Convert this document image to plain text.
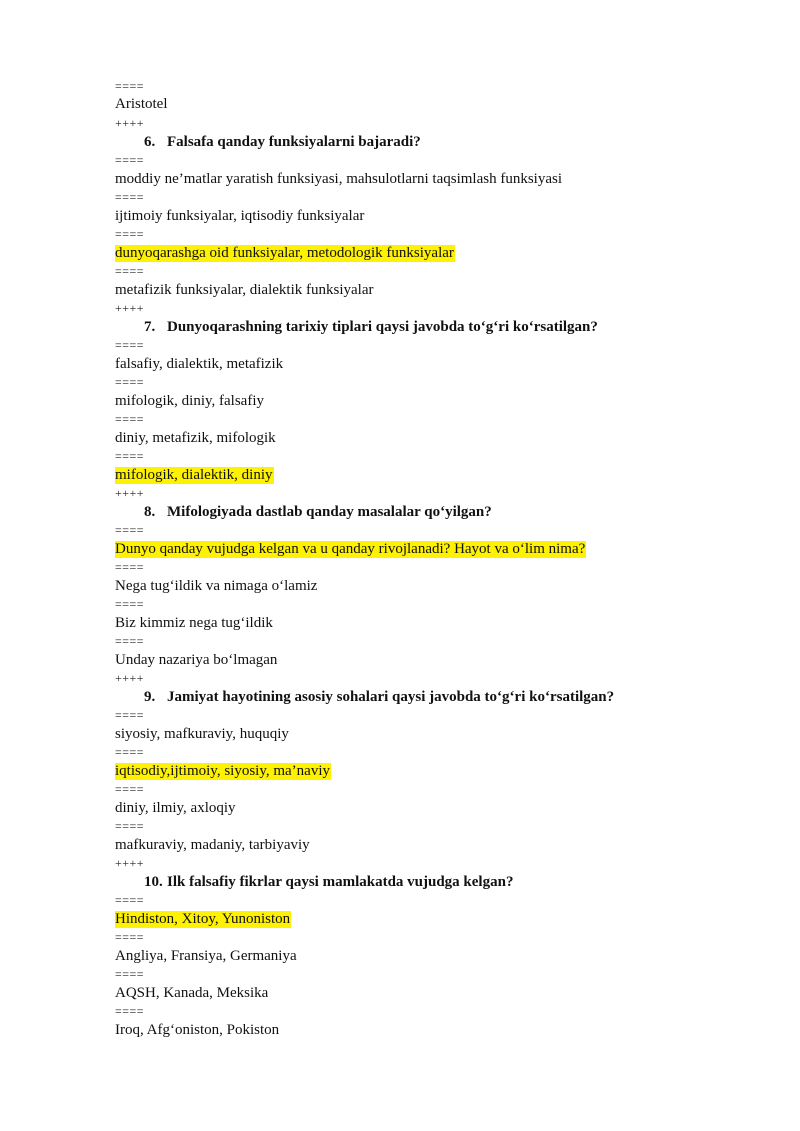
====
Aristotel
++++
6. Falsafa qanday funksiyalarni bajaradi?
====
moddiy ne’matlar yaratish funksiyasi, mahsulotlarni taqsimlash funksiyasi
====
ijtimoiy funksiyalar, iqtisodiy funksiyalar
====
dunyoqarashga oid funksiyalar, metodologik funksiyalar
====
metafizik funksiyalar, dialektik funksiyalar
++++
7. Dunyoqarashning tarixiy tiplari qaysi javobda to‘g‘ri ko‘rsatilgan?
====
falsafiy, dialektik, metafizik
====
mifologik, diniy, falsafiy
====
diniy, metafizik, mifologik
====
mifologik, dialektik, diniy
++++
8. Mifologiyada dastlab qanday masalalar qo‘yilgan?
====
Dunyo qanday vujudga kelgan va u qanday rivojlanadi? Hayot va o‘lim nima?
====
Nega tug‘ildik va nimaga o‘lamiz
====
Biz kimmiz nega tug‘ildik
====
Unday nazariya bo‘lmagan
++++
9. Jamiyat hayotining asosiy sohalari qaysi javobda to‘g‘ri ko‘rsatilgan?
====
siyosiy, mafkuraviy, huquqiy
====
iqtisodiy,ijtimoiy, siyosiy, ma’naviy
====
diniy, ilmiy, axloqiy
====
mafkuraviy, madaniy, tarbiyaviy
++++
10. Ilk falsafiy fikrlar qaysi mamlakatda vujudga kelgan?
====
Hindiston, Xitoy, Yunoniston
====
Angliya, Fransiya, Germaniya
====
AQSH, Kanada, Meksika
====
Iroq, Afg‘oniston, Pokiston
